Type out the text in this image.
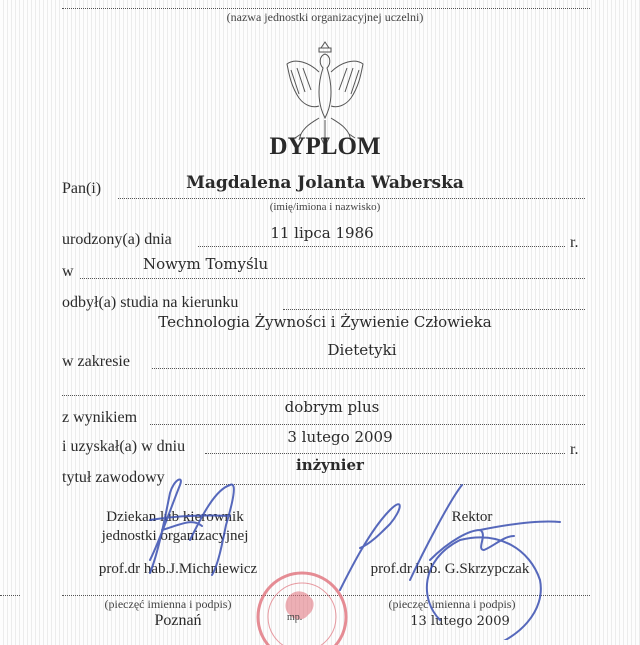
(nazwa jednostki organizacyjnej uczelni)
DYPLOM
Pan(i)	Magdalena Jolanta Waberska
(imię/imiona i nazwisko)
urodzony(a) dnia	11 lipca 1986
r.
w	Nowym Tomyślu
odbył(a) studia na kierunku
Technologia Żywności i Żywienie Człowieka
w zakresie
Dietetyki
z wynikiem
dobrym plus
i uzyskał(a) w dniu
3 lutego 2009
r.
tytuł zawodowy
inżynier
Dziekan lub kierownik
jednostki organizacyjnej
Rektor
prof.dr hab.J.Michniewicz	prof.dr hab. G.Skrzypczak
(pieczęć imienna i podpis)	(pieczęć imienna i podpis)
Poznań	13 lutego 2009
mp.
